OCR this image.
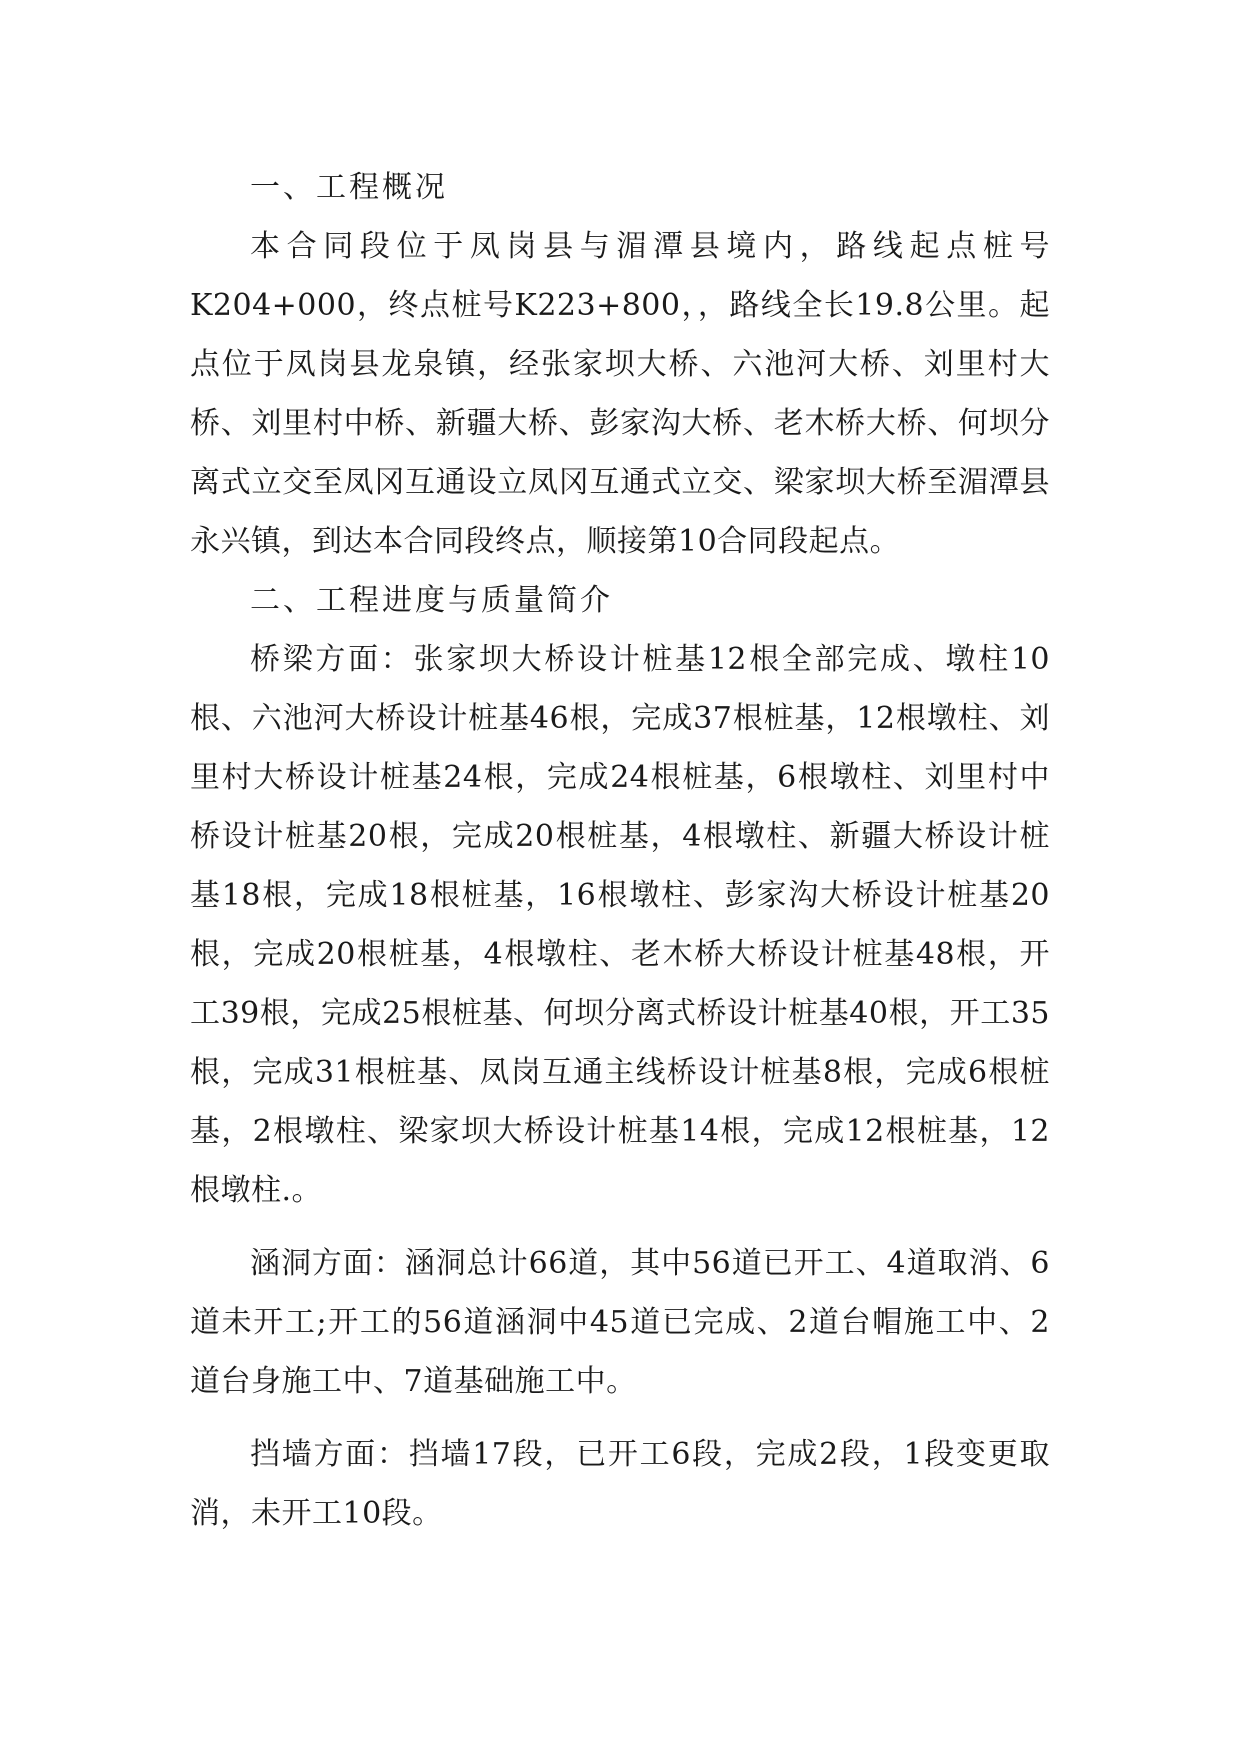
一、工程概况

本合同段位于凤岗县与湄潭县境内，路线起点桩号K204+000，终点桩号K223+800，，路线全长19.8公里。起点位于凤岗县龙泉镇，经张家坝大桥、六池河大桥、刘里村大桥、刘里村中桥、新疆大桥、彭家沟大桥、老木桥大桥、何坝分离式立交至凤冈互通设立凤冈互通式立交、梁家坝大桥至湄潭县永兴镇，到达本合同段终点，顺接第10合同段起点。

二、工程进度与质量简介

桥梁方面：张家坝大桥设计桩基12根全部完成、墩柱10根、六池河大桥设计桩基46根，完成37根桩基，12根墩柱、刘里村大桥设计桩基24根，完成24根桩基，6根墩柱、刘里村中桥设计桩基20根，完成20根桩基，4根墩柱、新疆大桥设计桩基18根，完成18根桩基，16根墩柱、彭家沟大桥设计桩基20根，完成20根桩基，4根墩柱、老木桥大桥设计桩基48根，开工39根，完成25根桩基、何坝分离式桥设计桩基40根，开工35根，完成31根桩基、凤岗互通主线桥设计桩基8根，完成6根桩基，2根墩柱、梁家坝大桥设计桩基14根，完成12根桩基，12根墩柱.。

涵洞方面：涵洞总计66道，其中56道已开工、4道取消、6道未开工;开工的56道涵洞中45道已完成、2道台帽施工中、2道台身施工中、7道基础施工中。

挡墙方面：挡墙17段，已开工6段，完成2段，1段变更取消，未开工10段。
